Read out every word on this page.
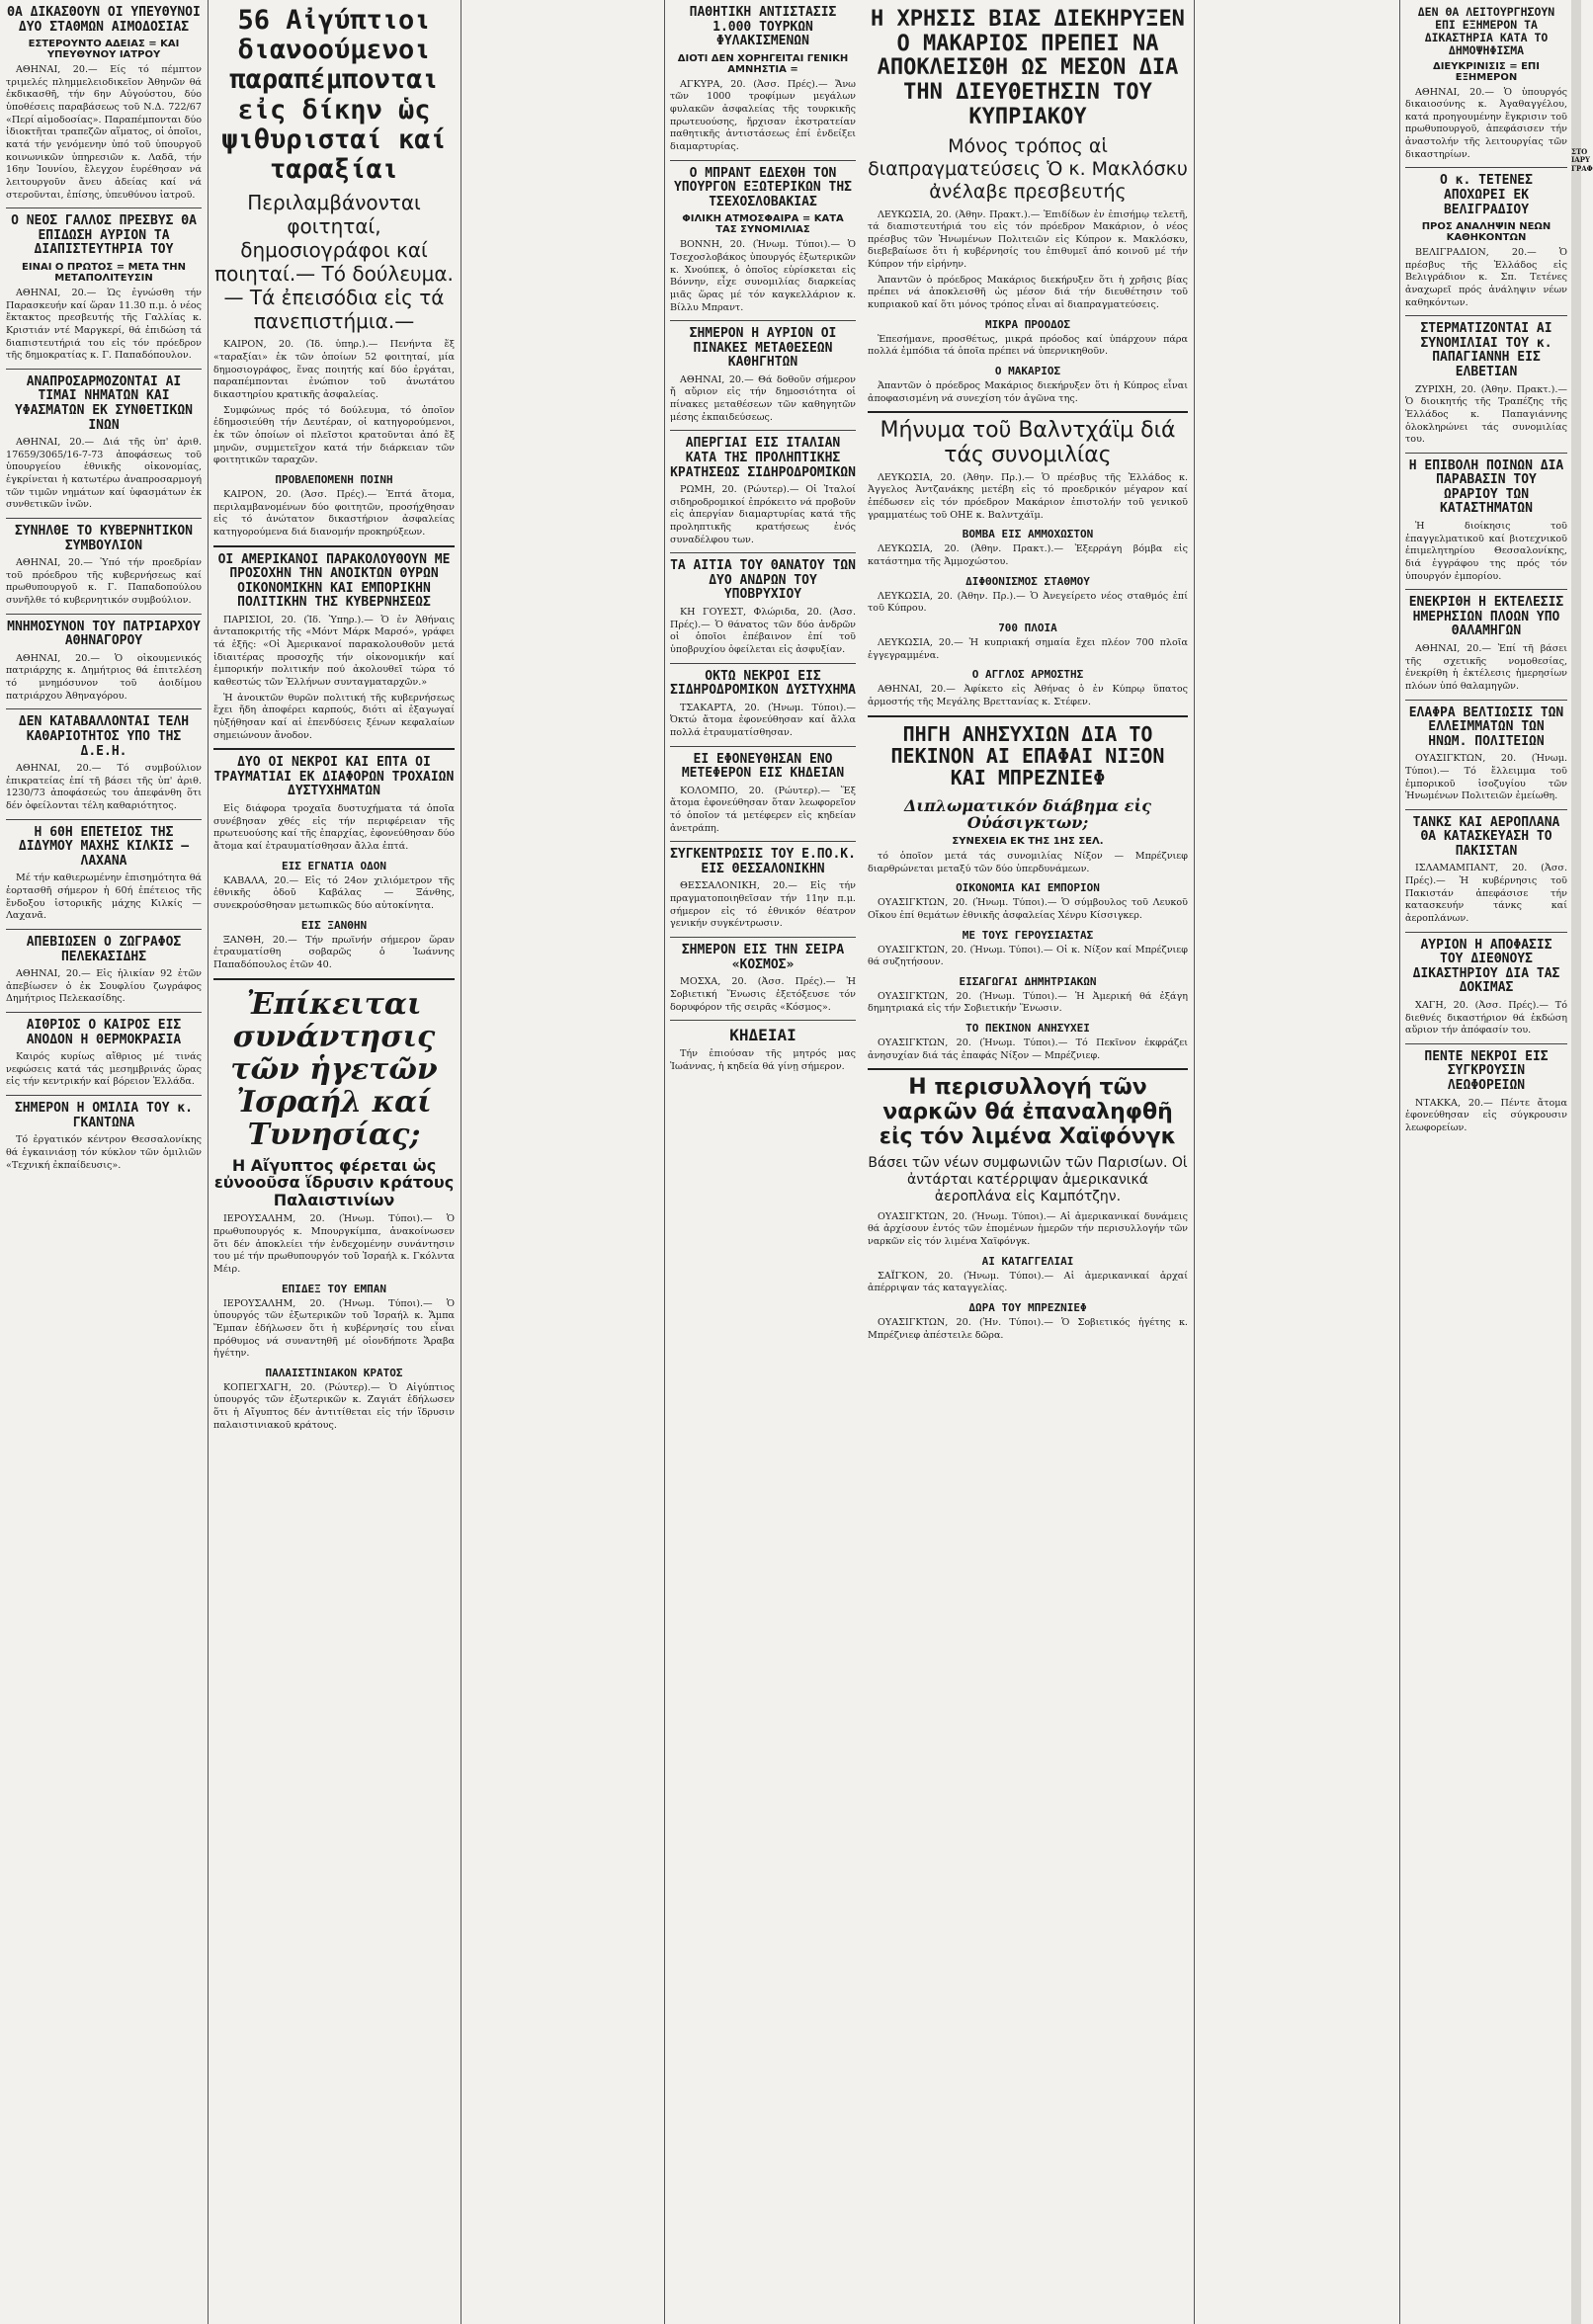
ΘΑ ΔΙΚΑΣΘΟΥΝ ΟΙ ΥΠΕΥΘΥΝΟΙ ΔΥΟ ΣΤΑΘΜΩΝ ΑΙΜΟΔΟΣΙΑΣ
ΕΣΤΕΡΟΥΝΤΟ ΑΔΕΙΑΣ = ΚΑΙ ΥΠΕΥΘΥΝΟΥ ΙΑΤΡΟΥ

ΑΘΗΝΑΙ, 20.— Είς τό πέμπτον τριμελές πλημμελειοδικεῖον Ἀθηνῶν θά ἐκδικασθῆ, τήν 6ην Αὐγούστου, δύο ὑποθέσεις παραβάσεως τοῦ Ν.Δ. 722/67 «Περί αἱμοδοσίας». Παραπέμπονται δύο ἰδιοκτῆται τραπεζῶν αἵματος, οἱ ὁποῖοι, κατά τήν γενόμενην ὑπό τοῦ ὑπουργοῦ κοινωνικῶν ὑπηρεσιῶν κ. Λαδᾶ, τήν 16ην Ἰουνίου, ἔλεγχον ἐυρέθησαν νά λειτουργοῦν ἄνευ ἀδείας καί νά στεροῦνται, ἐπίσης, ὑπευθύνου ἰατροῦ.

Ο ΝΕΟΣ ΓΑΛΛΟΣ ΠΡΕΣΒΥΣ ΘΑ ΕΠΙΔΩΣΗ ΑΥΡΙΟΝ ΤΑ ΔΙΑΠΙΣΤΕΥΤΗΡΙΑ ΤΟΥ
ΕΙΝΑΙ Ο ΠΡΩΤΟΣ = ΜΕΤΑ ΤΗΝ ΜΕΤΑΠΟΛΙΤΕΥΣΙΝ

ΑΘΗΝΑΙ, 20.— Ὡς ἐγνώσθη τήν Παρασκευήν καί ὥραν 11.30 π.μ. ὁ νέος ἔκτακτος πρεσβευτής τῆς Γαλλίας κ. Κριστιάν ντέ Μαργκερί, θά ἐπιδώση τά διαπιστευτήριά του εἰς τόν πρόεδρον τῆς δημοκρατίας κ. Γ. Παπαδόπουλον.

ΑΝΑΠΡΟΣΑΡΜΟΖΟΝΤΑΙ ΑΙ ΤΙΜΑΙ ΝΗΜΑΤΩΝ ΚΑΙ ΥΦΑΣΜΑΤΩΝ ΕΚ ΣΥΝΘΕΤΙΚΩΝ ΙΝΩΝ

ΑΘΗΝΑΙ, 20.— Διά τῆς ὑπ' ἀριθ. 17659/3065/16-7-73 ἀποφάσεως τοῦ ὑπουργείου ἐθνικῆς οἰκονομίας, ἐγκρίνεται ἡ κατωτέρω ἀναπροσαρμογή τῶν τιμῶν νημάτων καί ὑφασμάτων ἐκ συνθετικῶν ἰνῶν.

ΣΥΝΗΛΘΕ ΤΟ ΚΥΒΕΡΝΗΤΙΚΟΝ ΣΥΜΒΟΥΛΙΟΝ

ΑΘΗΝΑΙ, 20.— Ὑπό τήν προεδρίαν τοῦ πρόεδρου τῆς κυβερνήσεως καί πρωθυπουργοῦ κ. Γ. Παπαδοπούλου συνῆλθε τό κυβερνητικόν συμβούλιον.

ΜΝΗΜΟΣΥΝΟΝ ΤΟΥ ΠΑΤΡΙΑΡΧΟΥ ΑΘΗΝΑΓΟΡΟΥ

ΑΘΗΝΑΙ, 20.— Ὁ οἰκουμενικός πατριάρχης κ. Δημήτριος θά ἐπιτελέση τό μνημόσυνον τοῦ ἀοιδίμου πατριάρχου Ἀθηναγόρου.

ΔΕΝ ΚΑΤΑΒΑΛΛΟΝΤΑΙ ΤΕΛΗ ΚΑΘΑΡΙΟΤΗΤΟΣ ΥΠΟ ΤΗΣ Δ.Ε.Η.

ΑΘΗΝΑΙ, 20.— Τό συμβούλιον ἐπικρατείας ἐπί τῆ βάσει τῆς ὑπ' ἀριθ. 1230/73 ἀποφάσεώς του ἀπεφάνθη ὅτι δέν ὀφείλονται τέλη καθαριότητος.

Η 60Η ΕΠΕΤΕΙΟΣ ΤΗΣ ΔΙΔΥΜΟΥ ΜΑΧΗΣ ΚΙΛΚΙΣ — ΛΑΧΑΝΑ

Μέ τήν καθιερωμένην ἐπισημότητα θά ἑορτασθῆ σήμερον ἡ 60ή ἐπέτειος τῆς ἔνδοξου ἱστορικῆς μάχης Κιλκίς — Λαχανᾶ.

ΑΠΕΒΙΩΣΕΝ Ο ΖΩΓΡΑΦΟΣ ΠΕΛΕΚΑΣΙΔΗΣ

ΑΘΗΝΑΙ, 20.— Εἰς ἡλικίαν 92 ἐτῶν ἀπεβίωσεν ὁ ἐκ Σουφλίου ζωγράφος Δημήτριος Πελεκασίδης.

ΑΙΘΡΙΟΣ Ο ΚΑΙΡΟΣ ΕΙΣ ΑΝΟΔΟΝ Η ΘΕΡΜΟΚΡΑΣΙΑ

Καιρός κυρίως αἴθριος μέ τινάς νεφώσεις κατά τάς μεσημβρινάς ὥρας εἰς τήν κεντρικήν καί βόρειον Ἑλλάδα.

ΣΗΜΕΡΟΝ Η ΟΜΙΛΙΑ ΤΟΥ κ. ΓΚΑΝΤΩΝΑ

Τό ἐργατικόν κέντρον Θεσσαλονίκης θά ἐγκαινιάσῃ τόν κύκλον τῶν ὁμιλιῶν «Τεχνική ἐκπαίδευσις».

56 Αἰγύπτιοι διανοούμενοι παραπέμπονται εἰς δίκην ὡς ψιθυρισταί καί ταραξίαι
Περιλαμβάνονται φοιτηταί, δημοσιογράφοι καί ποιηταί.— Τό δούλευμα.— Τά ἐπεισόδια εἰς τά πανεπιστήμια.—

ΚΑΙΡΟΝ, 20. (Ἰδ. ὑπηρ.).— Πενήντα ἕξ «ταραξίαι» ἐκ τῶν ὁποίων 52 φοιτηταί, μία δημοσιογράφος, ἕνας ποιητής καί δύο ἐργάται, παραπέμπονται ἐνώπιον τοῦ ἀνωτάτου δικαστηρίου κρατικῆς ἀσφαλείας.

Συμφώνως πρός τό δούλευμα, τό ὁποῖον ἐδημοσιεύθη τήν Δευτέραν, οἱ κατηγορούμενοι, ἐκ τῶν ὁποίων οἱ πλεῖστοι κρατοῦνται ἀπό ἕξ μηνῶν, συμμετεῖχον κατά τήν διάρκειαν τῶν φοιτητικῶν ταραχῶν.

ΠΡΟΒΛΕΠΟΜΕΝΗ ΠΟΙΝΗ

ΚΑΙΡΟΝ, 20. (Ἀσσ. Πρές).— Ἐπτά ἄτομα, περιλαμβανομένων δύο φοιτητῶν, προσήχθησαν εἰς τό ἀνώτατον δικαστήριον ἀσφαλείας κατηγορούμενα διά διανομήν προκηρύξεων.

ΟΙ ΑΜΕΡΙΚΑΝΟΙ ΠΑΡΑΚΟΛΟΥΘΟΥΝ ΜΕ ΠΡΟΣΟΧΗΝ ΤΗΝ ΑΝΟΙΚΤΩΝ ΘΥΡΩΝ ΟΙΚΟΝΟΜΙΚΗΝ ΚΑΙ ΕΜΠΟΡΙΚΗΝ ΠΟΛΙΤΙΚΗΝ ΤΗΣ ΚΥΒΕΡΝΗΣΕΩΣ

ΠΑΡΙΣΙΟΙ, 20. (Ἰδ. Ὑπηρ.).— Ὁ ἐν Ἀθήναις ἀνταποκριτής τῆς «Μόντ Μάρκ Μαρσό», γράφει τά ἑξῆς: «Οἱ Ἀμερικανοί παρακολουθοῦν μετά ἰδιαιτέρας προσοχῆς τήν οἰκονομικήν καί ἐμπορικήν πολιτικήν πού ἀκολουθεῖ τώρα τό καθεστώς τῶν Ἑλλήνων συνταγματαρχῶν.»

Ἡ ἀνοικτῶν θυρῶν πολιτική τῆς κυβερνήσεως ἔχει ἤδη ἀποφέρει καρπούς, διότι αἱ ἐξαγωγαί ηὐξήθησαν καί αἱ ἐπενδύσεις ξένων κεφαλαίων σημειώνουν ἄνοδον.

ΔΥΟ ΟΙ ΝΕΚΡΟΙ ΚΑΙ ΕΠΤΑ ΟΙ ΤΡΑΥΜΑΤΙΑΙ ΕΚ ΔΙΑΦΟΡΩΝ ΤΡΟΧΑΙΩΝ ΔΥΣΤΥΧΗΜΑΤΩΝ

Εἰς διάφορα τροχαῖα δυστυχήματα τά ὁποῖα συνέβησαν χθές εἰς τήν περιφέρειαν τῆς πρωτευούσης καί τῆς ἐπαρχίας, ἐφονεύθησαν δύο ἄτομα καί ἐτραυματίσθησαν ἄλλα ἑπτά.

ΕΙΣ ΕΓΝΑΤΙΑ ΟΔΟΝ

ΚΑΒΑΛΑ, 20.— Εἰς τό 24ον χιλιόμετρον τῆς ἐθνικῆς ὁδοῦ Καβάλας — Ξάνθης, συνεκρούσθησαν μετωπικῶς δύο αὐτοκίνητα.

ΕΙΣ ΞΑΝΘΗΝ

ΞΑΝΘΗ, 20.— Τήν πρωϊνήν σήμερον ὥραν ἐτραυματίσθη σοβαρῶς ὁ Ἰωάννης Παπαδόπουλος ἐτῶν 40.

Ἐπίκειται συνάντησις τῶν ἡγετῶν Ἰσραήλ καί Τυνησίας;
Η Αἴγυπτος φέρεται ὡς εὐνοοῦσα ἵδρυσιν κράτους Παλαιστινίων

ΙΕΡΟΥΣΑΛΗΜ, 20. (Ἡνωμ. Τύποι).— Ὁ πρωθυπουργός κ. Μπουργκίμπα, ἀνακοίνωσεν ὅτι δέν ἀποκλείει τήν ἐνδεχομένην συνάντησιν του μέ τήν πρωθυπουργόν τοῦ Ἰσραήλ κ. Γκόλντα Μέιρ.

ΕΠΙΔΕΞ ΤΟΥ ΕΜΠΑΝ

ΙΕΡΟΥΣΑΛΗΜ, 20. (Ἡνωμ. Τύποι).— Ὁ ὑπουργός τῶν ἐξωτερικῶν τοῦ Ἰσραήλ κ. Ἄμπα Ἔμπαν ἐδήλωσεν ὅτι ἡ κυβέρνησίς του εἶναι πρόθυμος νά συναντηθῆ μέ οἱονδήποτε Ἄραβα ἡγέτην.

ΠΑΛΑΙΣΤΙΝΙΑΚΟΝ ΚΡΑΤΟΣ

ΚΟΠΕΓΧΑΓΗ, 20. (Ρώυτερ).— Ὁ Αἰγύπτιος ὑπουργός τῶν ἐξωτερικῶν κ. Ζαγιάτ ἐδήλωσεν ὅτι ἡ Αἴγυπτος δέν ἀντιτίθεται εἰς τήν ἵδρυσιν παλαιστινιακοῦ κράτους.

ΠΑΘΗΤΙΚΗ ΑΝΤΙΣΤΑΣΙΣ 1.000 ΤΟΥΡΚΩΝ ΦΥΛΑΚΙΣΜΕΝΩΝ
ΔΙΟΤΙ ΔΕΝ ΧΟΡΗΓΕΙΤΑΙ ΓΕΝΙΚΗ ΑΜΝΗΣΤΙΑ =

ΑΓΚΥΡΑ, 20. (Ἀσσ. Πρές).— Ἄνω τῶν 1000 τροφίμων μεγάλων φυλακῶν ἀσφαλείας τῆς τουρκικῆς πρωτευούσης, ἤρχισαν ἐκστρατείαν παθητικῆς ἀντιστάσεως ἐπί ἐνδείξει διαμαρτυρίας.

Ο ΜΠΡΑΝΤ ΕΔΕΧΘΗ ΤΟΝ ΥΠΟΥΡΓΟΝ ΕΞΩΤΕΡΙΚΩΝ ΤΗΣ ΤΣΕΧΟΣΛΟΒΑΚΙΑΣ
ΦΙΛΙΚΗ ΑΤΜΟΣΦΑΙΡΑ = ΚΑΤΑ ΤΑΣ ΣΥΝΟΜΙΛΙΑΣ

ΒΟΝΝΗ, 20. (Ἡνωμ. Τύποι).— Ὁ Τσεχοσλοβάκος ὑπουργός ἐξωτερικῶν κ. Χνούπεκ, ὁ ὁποῖος εὑρίσκεται εἰς Βόννην, εἶχε συνομιλίας διαρκείας μιᾶς ὥρας μέ τόν καγκελλάριον κ. Βίλλυ Μπραντ.

ΣΗΜΕΡΟΝ Η ΑΥΡΙΟΝ ΟΙ ΠΙΝΑΚΕΣ ΜΕΤΑΘΕΣΕΩΝ ΚΑΘΗΓΗΤΩΝ

ΑΘΗΝΑΙ, 20.— Θά δοθοῦν σήμερον ἤ αὔριον εἰς τήν δημοσιότητα οἱ πίνακες μεταθέσεων τῶν καθηγητῶν μέσης ἐκπαιδεύσεως.

ΑΠΕΡΓΙΑΙ ΕΙΣ ΙΤΑΛΙΑΝ ΚΑΤΑ ΤΗΣ ΠΡΟΛΗΠΤΙΚΗΣ ΚΡΑΤΗΣΕΩΣ ΣΙΔΗΡΟΔΡΟΜΙΚΩΝ

ΡΩΜΗ, 20. (Ρώυτερ).— Οἱ Ἰταλοί σιδηροδρομικοί ἐπρόκειτο νά προβοῦν εἰς ἀπεργίαν διαμαρτυρίας κατά τῆς προληπτικῆς κρατήσεως ἑνός συναδέλφου των.

ΤΑ ΑΙΤΙΑ ΤΟΥ ΘΑΝΑΤΟΥ ΤΩΝ ΔΥΟ ΑΝΔΡΩΝ ΤΟΥ ΥΠΟΒΡΥΧΙΟΥ

ΚΗ ΓΟΥΕΣΤ, Φλώριδα, 20. (Ἀσσ. Πρές).— Ὁ θάνατος τῶν δύο ἀνδρῶν οἱ ὁποῖοι ἐπέβαινον ἐπί τοῦ ὑποβρυχίου ὀφείλεται εἰς ἀσφυξίαν.

ΟΚΤΩ ΝΕΚΡΟΙ ΕΙΣ ΣΙΔΗΡΟΔΡΟΜΙΚΟΝ ΔΥΣΤΥΧΗΜΑ

ΤΣΑΚΑΡΤΑ, 20. (Ἡνωμ. Τύποι).— Ὀκτώ ἄτομα ἐφονεύθησαν καί ἄλλα πολλά ἐτραυματίσθησαν.

ΕΙ ΕΦΟΝΕΥΘΗΣΑΝ ΕΝΟ ΜΕΤΕΦΕΡΟΝ ΕΙΣ ΚΗΔΕΙΑΝ

ΚΟΛΟΜΠΟ, 20. (Ρώυτερ).— Ἕξ ἄτομα ἐφονεύθησαν ὅταν λεωφορεῖον τό ὁποῖον τά μετέφερεν εἰς κηδείαν ἀνετράπη.

ΣΥΓΚΕΝΤΡΩΣΙΣ ΤΟΥ Ε.ΠΟ.Κ. ΕΙΣ ΘΕΣΣΑΛΟΝΙΚΗΝ

ΘΕΣΣΑΛΟΝΙΚΗ, 20.— Εἰς τήν πραγματοποιηθεῖσαν τήν 11ην π.μ. σήμερον εἰς τό ἐθνικόν θέατρον γενικήν συγκέντρωσιν.

ΣΗΜΕΡΟΝ ΕΙΣ ΤΗΝ ΣΕΙΡΑ «ΚΟΣΜΟΣ»

ΜΟΣΧΑ, 20. (Ἀσσ. Πρές).— Ἡ Σοβιετική Ἕνωσις ἐξετόξευσε τόν δορυφόρον τῆς σειρᾶς «Κόσμος».

ΚΗΔΕΙΑΙ

Τήν ἐπιούσαν τῆς μητρός μας Ἰωάννας, ἡ κηδεία θά γίνῃ σήμερον.

Η ΧΡΗΣΙΣ ΒΙΑΣ ΔΙΕΚΗΡΥΞΕΝ Ο ΜΑΚΑΡΙΟΣ ΠΡΕΠΕΙ ΝΑ ΑΠΟΚΛΕΙΣΘΗ ΩΣ ΜΕΣΟΝ ΔΙΑ ΤΗΝ ΔΙΕΥΘΕΤΗΣΙΝ ΤΟΥ ΚΥΠΡΙΑΚΟΥ
Μόνος τρόπος αἱ διαπραγματεύσεις Ὁ κ. Μακλόσκυ ἀνέλαβε πρεσβευτής

ΛΕΥΚΩΣΙΑ, 20. (Ἀθην. Πρακτ.).— Ἐπιδίδων ἐν ἐπισήμῳ τελετῆ, τά διαπιστευτήριά του εἰς τόν πρόεδρον Μακάριον, ὁ νέος πρέσβυς τῶν Ἡνωμένων Πολιτειῶν εἰς Κύπρον κ. Μακλόσκυ, διεβεβαίωσε ὅτι ἡ κυβέρνησίς του ἐπιθυμεῖ ἀπό κοινοῦ μέ τήν Κύπρον τήν εἰρήνην.

Ἀπαντῶν ὁ πρόεδρος Μακάριος διεκήρυξεν ὅτι ἡ χρῆσις βίας πρέπει νά ἀποκλεισθῆ ὡς μέσον διά τήν διευθέτησιν τοῦ κυπριακοῦ καί ὅτι μόνος τρόπος εἶναι αἱ διαπραγματεύσεις.

ΜΙΚΡΑ ΠΡΟΟΔΟΣ

Ἐπεσήμανε, προσθέτως, μικρά πρόοδος καί ὑπάρχουν πάρα πολλά ἐμπόδια τά ὁποῖα πρέπει νά ὑπερνικηθοῦν.

Ο ΜΑΚΑΡΙΟΣ

Ἀπαντῶν ὁ πρόεδρος Μακάριος διεκήρυξεν ὅτι ἡ Κύπρος εἶναι ἀποφασισμένη νά συνεχίση τόν ἀγῶνα της.

Μήνυμα τοῦ Βαλντχάϊμ διά τάς συνομιλίας

ΛΕΥΚΩΣΙΑ, 20. (Ἀθην. Πρ.).— Ὁ πρέσβυς τῆς Ἑλλάδος κ. Ἀγγελος Ἀντζανάκης μετέβη εἰς τό προεδρικόν μέγαρον καί ἐπέδωσεν εἰς τόν πρόεδρον Μακάριον ἐπιστολήν τοῦ γενικοῦ γραμματέως τοῦ ΟΗΕ κ. Βαλντχάϊμ.

ΒΟΜΒΑ ΕΙΣ ΑΜΜΟΧΩΣΤΟΝ

ΛΕΥΚΩΣΙΑ, 20. (Ἀθην. Πρακτ.).— Ἐξερράγη βόμβα εἰς κατάστημα τῆς Ἀμμοχώστου.

ΔΙΦΘΟΝΙΣΜΟΣ ΣΤΑΘΜΟΥ

ΛΕΥΚΩΣΙΑ, 20. (Ἀθην. Πρ.).— Ὁ Ἀνεγείρετο νέος σταθμός ἐπί τοῦ Κύπρου.

700 ΠΛΟΙΑ

ΛΕΥΚΩΣΙΑ, 20.— Ἡ κυπριακή σημαία ἔχει πλέον 700 πλοῖα ἐγγεγραμμένα.

Ο ΑΓΓΛΟΣ ΑΡΜΟΣΤΗΣ

ΑΘΗΝΑΙ, 20.— Ἀφίκετο εἰς Ἀθήνας ὁ ἐν Κύπρῳ ὕπατος ἁρμοστής τῆς Μεγάλης Βρεττανίας κ. Στέφεν.

ΠΗΓΗ ΑΝΗΣΥΧΙΩΝ ΔΙΑ ΤΟ ΠΕΚΙΝΟΝ ΑΙ ΕΠΑΦΑΙ ΝΙΞΟΝ ΚΑΙ ΜΠΡΕΖΝΙΕΦ
Διπλωματικόν διάβημα εἰς Οὐάσιγκτων;
ΣΥΝΕΧΕΙΑ ΕΚ ΤΗΣ 1ΗΣ ΣΕΛ.

τό ὁποῖον μετά τάς συνομιλίας Νίξον — Μπρέζνιεφ διαρθρώνεται μεταξύ τῶν δύο ὑπερδυνάμεων.

ΟΙΚΟΝΟΜΙΑ ΚΑΙ ΕΜΠΟΡΙΟΝ

ΟΥΑΣΙΓΚΤΩΝ, 20. (Ἡνωμ. Τύποι).— Ὁ σύμβουλος τοῦ Λευκοῦ Οἴκου ἐπί θεμάτων ἐθνικῆς ἀσφαλείας Χένρυ Κίσσιγκερ.

ΜΕ ΤΟΥΣ ΓΕΡΟΥΣΙΑΣΤΑΣ

ΟΥΑΣΙΓΚΤΩΝ, 20. (Ἡνωμ. Τύποι).— Οἱ κ. Νίξον καί Μπρέζνιεφ θά συζητήσουν.

ΕΙΣΑΓΩΓΑΙ ΔΗΜΗΤΡΙΑΚΩΝ

ΟΥΑΣΙΓΚΤΩΝ, 20. (Ἡνωμ. Τύποι).— Ἡ Ἀμερική θά ἐξάγη δημητριακά εἰς τήν Σοβιετικήν Ἕνωσιν.

ΤΟ ΠΕΚΙΝΟΝ ΑΝΗΣΥΧΕΙ

ΟΥΑΣΙΓΚΤΩΝ, 20. (Ἡνωμ. Τύποι).— Τό Πεκῖνον ἐκφράζει ἀνησυχίαν διά τάς ἐπαφάς Νίξον — Μπρέζνιεφ.

Η περισυλλογή τῶν ναρκῶν θά ἐπαναληφθῆ εἰς τόν λιμένα Χαϊφόνγκ
Βάσει τῶν νέων συμφωνιῶν τῶν Παρισίων. Οἱ ἀντάρται κατέρριψαν ἀμερικανικά ἀεροπλάνα εἰς Καμπότζην.

ΟΥΑΣΙΓΚΤΩΝ, 20. (Ἡνωμ. Τύποι).— Αἱ ἀμερικανικαί δυνάμεις θά ἀρχίσουν ἐντός τῶν ἑπομένων ἡμερῶν τήν περισυλλογήν τῶν ναρκῶν εἰς τόν λιμένα Χαϊφόνγκ.

ΑΙ ΚΑΤΑΓΓΕΛΙΑΙ

ΣΑΪΓΚΟΝ, 20. (Ἡνωμ. Τύποι).— Αἱ ἀμερικανικαί ἀρχαί ἀπέρριψαν τάς καταγγελίας.

ΔΩΡΑ ΤΟΥ ΜΠΡΕΖΝΙΕΦ

ΟΥΑΣΙΓΚΤΩΝ, 20. (Ἡν. Τύποι).— Ὁ Σοβιετικός ἡγέτης κ. Μπρέζνιεφ ἀπέστειλε δῶρα.

ΔΕΝ ΘΑ ΛΕΙΤΟΥΡΓΗΣΟΥΝ ΕΠΙ ΕΞΗΜΕΡΟΝ ΤΑ ΔΙΚΑΣΤΗΡΙΑ ΚΑΤΑ ΤΟ ΔΗΜΟΨΗΦΙΣΜΑ
ΔΙΕΥΚΡΙΝΙΣΙΣ = ΕΠΙ ΕΞΗΜΕΡΟΝ

ΑΘΗΝΑΙ, 20.— Ὁ ὑπουργός δικαιοσύνης κ. Ἀγαθαγγέλου, κατά προηγουμένην ἔγκρισιν τοῦ πρωθυπουργοῦ, ἀπεφάσισεν τήν ἀναστολήν τῆς λειτουργίας τῶν δικαστηρίων.

Ο κ. ΤΕΤΕΝΕΣ ΑΠΟΧΩΡΕΙ ΕΚ ΒΕΛΙΓΡΑΔΙΟΥ
ΠΡΟΣ ΑΝΑΛΗΨΙΝ ΝΕΩΝ ΚΑΘΗΚΟΝΤΩΝ

ΒΕΛΙΓΡΑΔΙΟΝ, 20.— Ὁ πρέσβυς τῆς Ἑλλάδος εἰς Βελιγράδιον κ. Σπ. Τετένες ἀναχωρεῖ πρός ἀνάληψιν νέων καθηκόντων.

ΣΤΕΡΜΑΤΙΖΟΝΤΑΙ ΑΙ ΣΥΝΟΜΙΛΙΑΙ ΤΟΥ κ. ΠΑΠΑΓΙΑΝΝΗ ΕΙΣ ΕΛΒΕΤΙΑΝ

ΖΥΡΙΧΗ, 20. (Ἀθην. Πρακτ.).— Ὁ διοικητής τῆς Τραπέζης τῆς Ἑλλάδος κ. Παπαγιάννης ὁλοκληρώνει τάς συνομιλίας του.

Η ΕΠΙΒΟΛΗ ΠΟΙΝΩΝ ΔΙΑ ΠΑΡΑΒΑΣΙΝ ΤΟΥ ΩΡΑΡΙΟΥ ΤΩΝ ΚΑΤΑΣΤΗΜΑΤΩΝ

Ἡ διοίκησις τοῦ ἐπαγγελματικοῦ καί βιοτεχνικοῦ ἐπιμελητηρίου Θεσσαλονίκης, διά ἐγγράφου της πρός τόν ὑπουργόν ἐμπορίου.

ΕΝΕΚΡΙΘΗ Η ΕΚΤΕΛΕΣΙΣ ΗΜΕΡΗΣΙΩΝ ΠΛΟΩΝ ΥΠΟ ΘΑΛΑΜΗΓΩΝ

ΑΘΗΝΑΙ, 20.— Ἐπί τῆ βάσει τῆς σχετικῆς νομοθεσίας, ἐνεκρίθη ἡ ἐκτέλεσις ἡμερησίων πλόων ὑπό θαλαμηγῶν.

ΕΛΑΦΡΑ ΒΕΛΤΙΩΣΙΣ ΤΩΝ ΕΛΛΕΙΜΜΑΤΩΝ ΤΩΝ ΗΝΩΜ. ΠΟΛΙΤΕΙΩΝ

ΟΥΑΣΙΓΚΤΩΝ, 20. (Ἡνωμ. Τύποι).— Τό ἔλλειμμα τοῦ ἐμπορικοῦ ἰσοζυγίου τῶν Ἡνωμένων Πολιτειῶν ἐμείωθη.

ΤΑΝΚΣ ΚΑΙ ΑΕΡΟΠΛΑΝΑ ΘΑ ΚΑΤΑΣΚΕΥΑΣΗ ΤΟ ΠΑΚΙΣΤΑΝ

ΙΣΛΑΜΑΜΠΑΝΤ, 20. (Ἀσσ. Πρές).— Ἡ κυβέρνησις τοῦ Πακιστάν ἀπεφάσισε τήν κατασκευήν τάνκς καί ἀεροπλάνων.

ΑΥΡΙΟΝ Η ΑΠΟΦΑΣΙΣ ΤΟΥ ΔΙΕΘΝΟΥΣ ΔΙΚΑΣΤΗΡΙΟΥ ΔΙΑ ΤΑΣ ΔΟΚΙΜΑΣ

ΧΑΓΗ, 20. (Ἀσσ. Πρές).— Τό διεθνές δικαστήριον θά ἐκδώση αὔριον τήν ἀπόφασίν του.

ΠΕΝΤΕ ΝΕΚΡΟΙ ΕΙΣ ΣΥΓΚΡΟΥΣΙΝ ΛΕΩΦΟΡΕΙΩΝ

ΝΤΑΚΚΑ, 20.— Πέντε ἄτομα ἐφονεύθησαν εἰς σύγκρουσιν λεωφορείων.

ΣΤΟ
ΙΑΡΥ
ΓΡΑΦ
